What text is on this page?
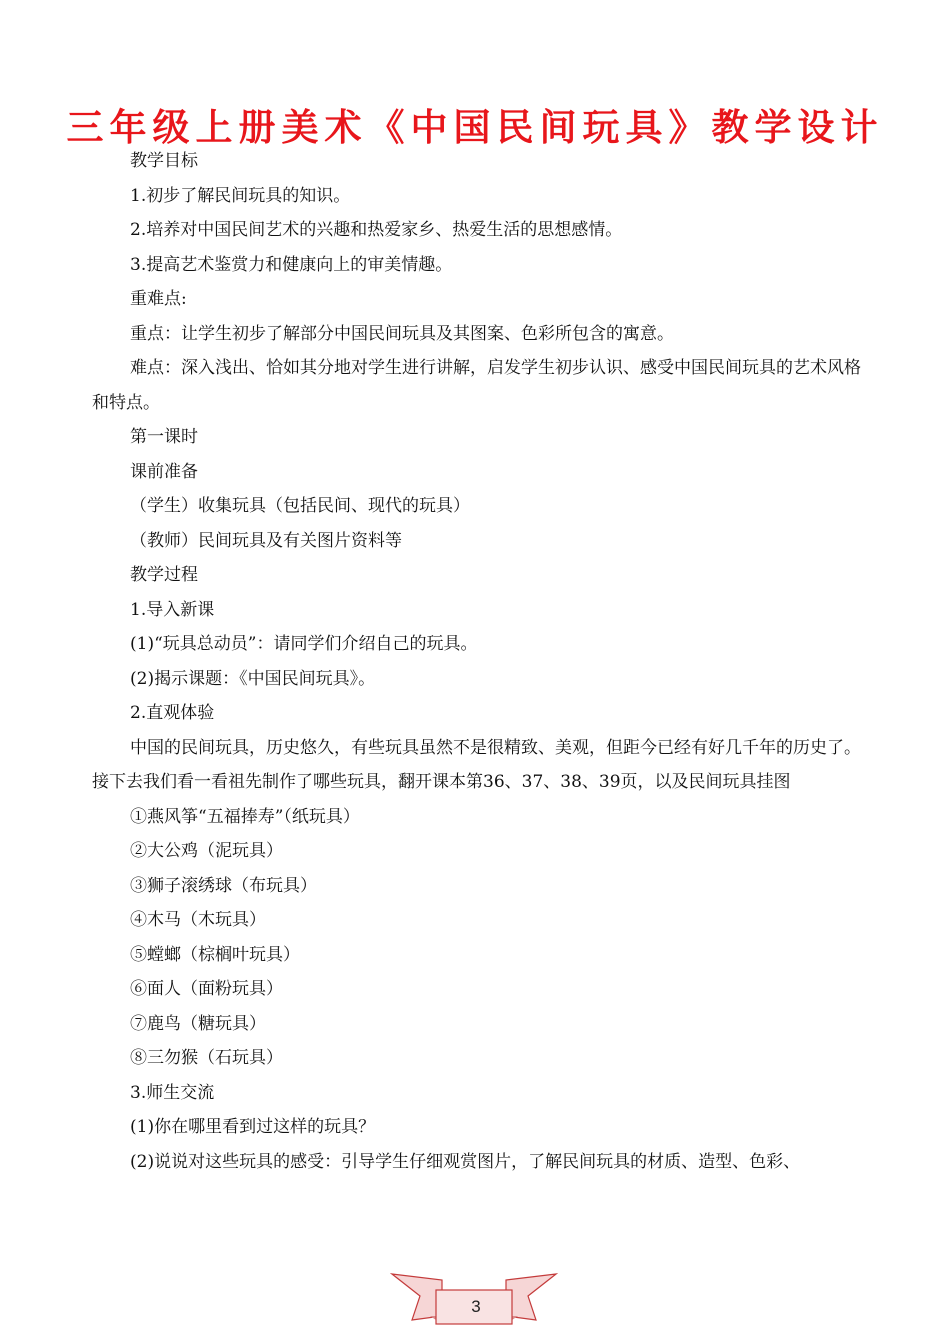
三年级上册美术《中国民间玩具》教学设计

教学目标

1.初步了解民间玩具的知识。

2.培养对中国民间艺术的兴趣和热爱家乡、热爱生活的思想感情。

3.提高艺术鉴赏力和健康向上的审美情趣。

重难点:

重点：让学生初步了解部分中国民间玩具及其图案、色彩所包含的寓意。

难点：深入浅出、恰如其分地对学生进行讲解，启发学生初步认识、感受中国民间玩具的艺术风格和特点。

第一课时

课前准备

（学生）收集玩具（包括民间、现代的玩具）

（教师）民间玩具及有关图片资料等

教学过程

1.导入新课

(1)“玩具总动员”：请同学们介绍自己的玩具。

(2)揭示课题：《中国民间玩具》。

2.直观体验

中国的民间玩具，历史悠久，有些玩具虽然不是很精致、美观，但距今已经有好几千年的历史了。接下去我们看一看祖先制作了哪些玩具，翻开课本第36、37、38、39页，以及民间玩具挂图

①燕风筝“五福捧寿”（纸玩具）

②大公鸡（泥玩具）

③狮子滚绣球（布玩具）

④木马（木玩具）

⑤螳螂（棕榈叶玩具）

⑥面人（面粉玩具）

⑦鹿鸟（糖玩具）

⑧三勿猴（石玩具）

3.师生交流

(1)你在哪里看到过这样的玩具？

(2)说说对这些玩具的感受：引导学生仔细观赏图片，了解民间玩具的材质、造型、色彩、

3
